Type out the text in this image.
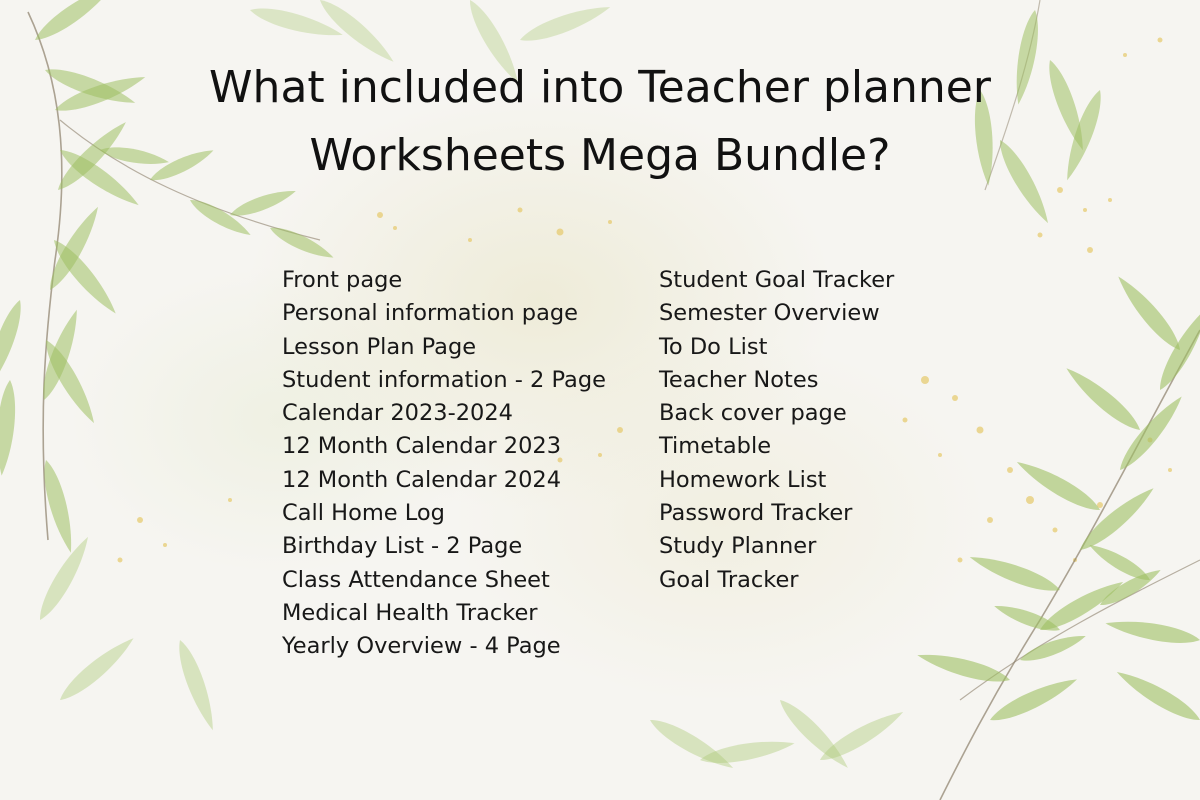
What included into Teacher planner
Worksheets Mega Bundle?
Front page
Personal information page
Lesson Plan Page
Student information - 2 Page
Calendar 2023-2024
12 Month Calendar 2023
12 Month Calendar 2024
Call Home Log
Birthday List - 2 Page
Class Attendance Sheet
Medical Health Tracker
Yearly Overview - 4 Page
Student Goal Tracker
Semester Overview
To Do List
Teacher Notes
Back cover page
Timetable
Homework List
Password Tracker
Study Planner
Goal Tracker
